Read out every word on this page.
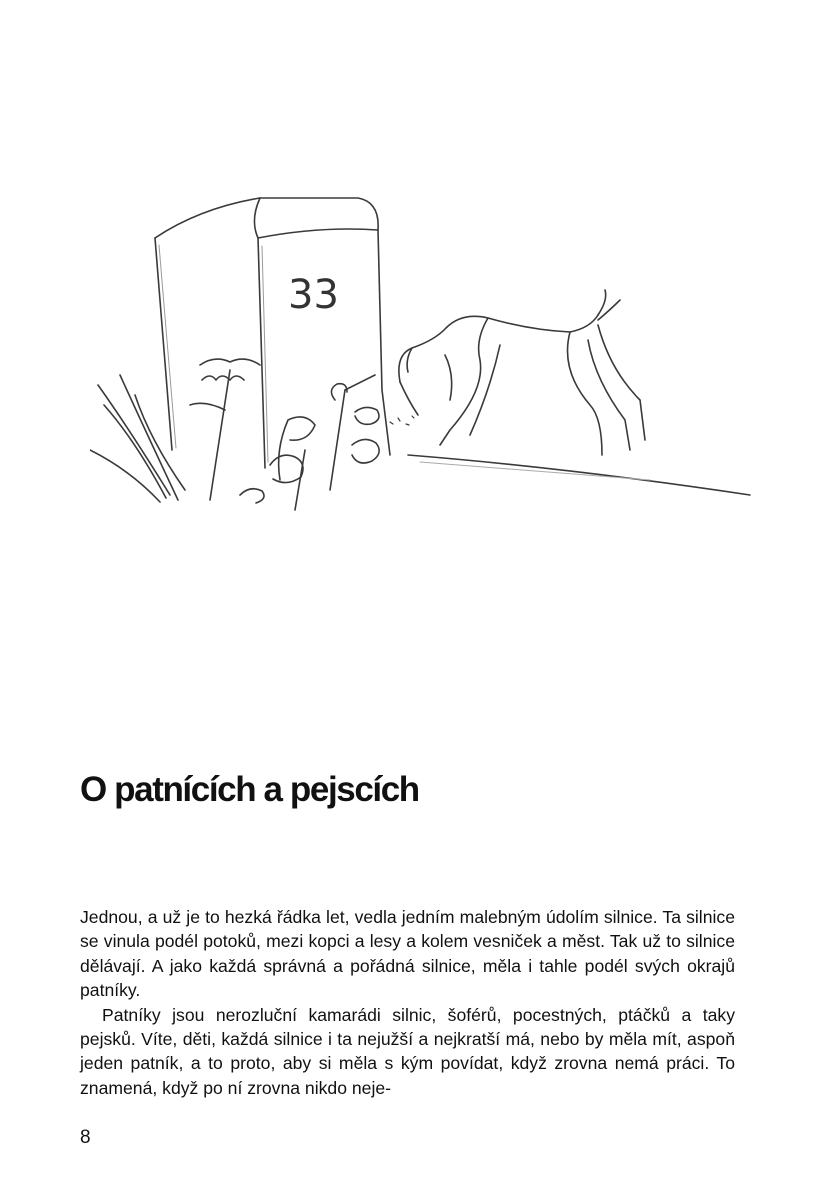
33
O patnících a pejscích

Jednou, a už je to hezká řádka let, vedla jedním malebným údolím silnice. Ta silnice se vinula podél potoků, mezi kopci a lesy a kolem vesniček a měst. Tak už to silnice dělávají. A jako každá správná a pořádná silnice, měla i tahle podél svých okrajů patníky.

Patníky jsou nerozluční kamarádi silnic, šoférů, pocestných, ptáčků a taky pejsků. Víte, děti, každá silnice i ta nejužší a nejkratší má, nebo by měla mít, aspoň jeden patník, a to proto, aby si měla s kým povídat, když zrovna nemá práci. To znamená, když po ní zrovna nikdo neje-

8
